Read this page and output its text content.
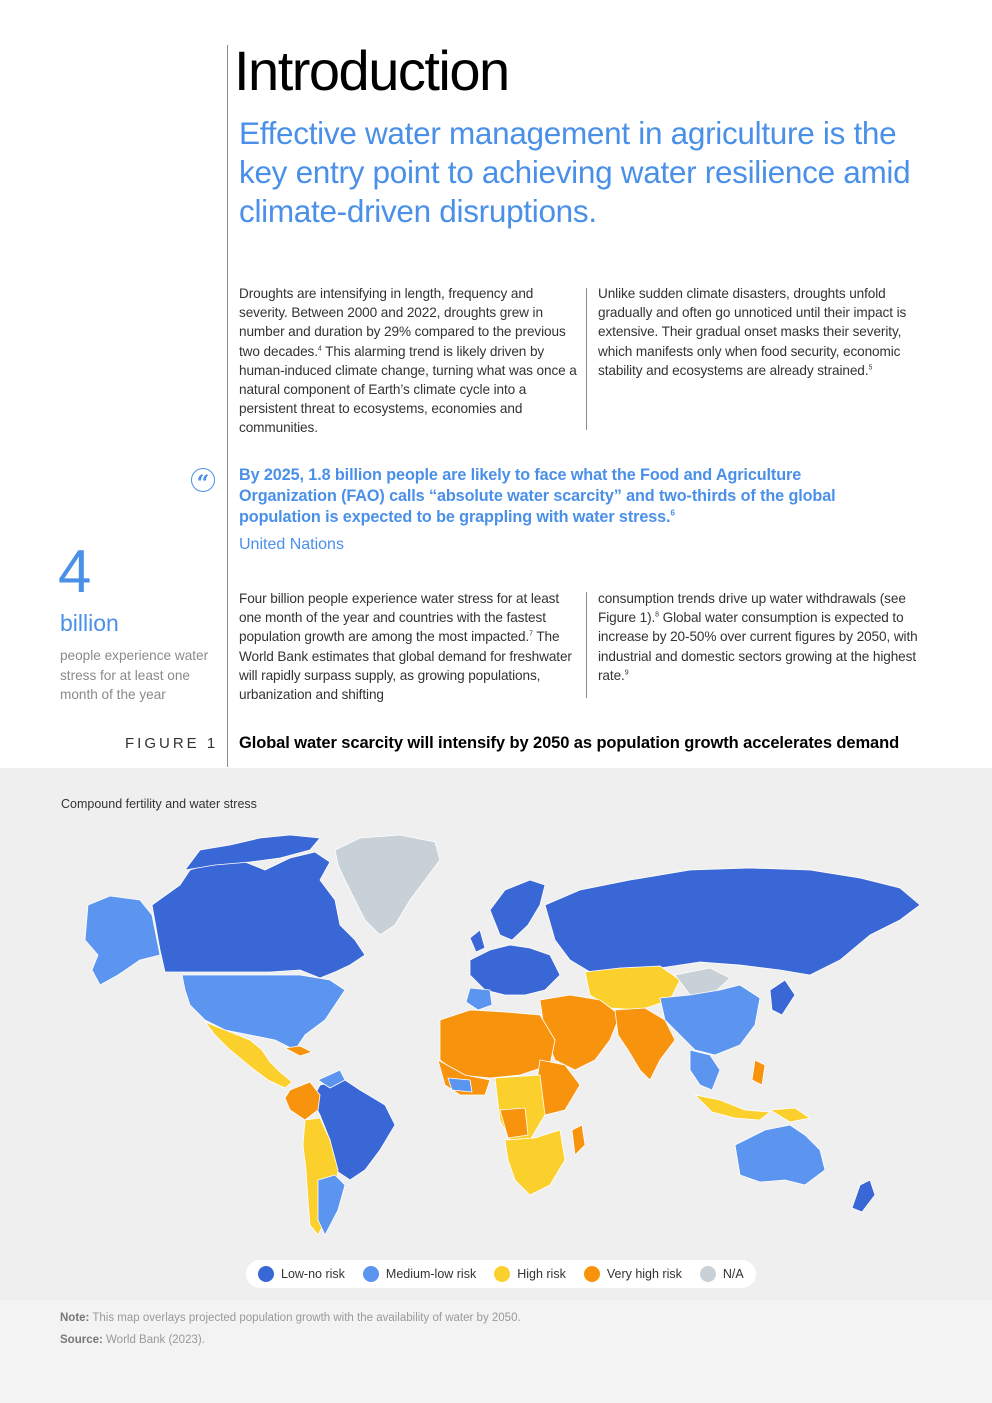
Introduction

Effective water management in agriculture is the key entry point to achieving water resilience amid climate-driven disruptions.

Droughts are intensifying in length, frequency and severity. Between 2000 and 2022, droughts grew in number and duration by 29% compared to the previous two decades.$^4$ This alarming trend is likely driven by human-induced climate change, turning what was once a natural component of Earth’s climate cycle into a persistent threat to ecosystems, economies and communities.

Unlike sudden climate disasters, droughts unfold gradually and often go unnoticed until their impact is extensive. Their gradual onset masks their severity, which manifests only when food security, economic stability and ecosystems are already strained.$^5$

“	By 2025, 1.8 billion people are likely to face what the Food and Agriculture Organization (FAO) calls “absolute water scarcity” and two-thirds of the global population is expected to be grappling with water stress.$^6$

United Nations
4
billion
people experience water stress for at least one month of the year

Four billion people experience water stress for at least one month of the year and countries with the fastest population growth are among the most impacted.$^7$ The World Bank estimates that global demand for freshwater will rapidly surpass supply, as growing populations, urbanization and shifting

consumption trends drive up water withdrawals (see Figure 1).$^8$ Global water consumption is expected to increase by 20-50% over current figures by 2050, with industrial and domestic sectors growing at the highest rate.$^9$

FIGURE 1 Global water scarcity will intensify by 2050 as population growth accelerates demand
Compound fertility and water stress
Low-no risk	Medium-low risk	High risk	Very high risk	N/A
Note: This map overlays projected population growth with the availability of water by 2050.
Source: World Bank (2023).
